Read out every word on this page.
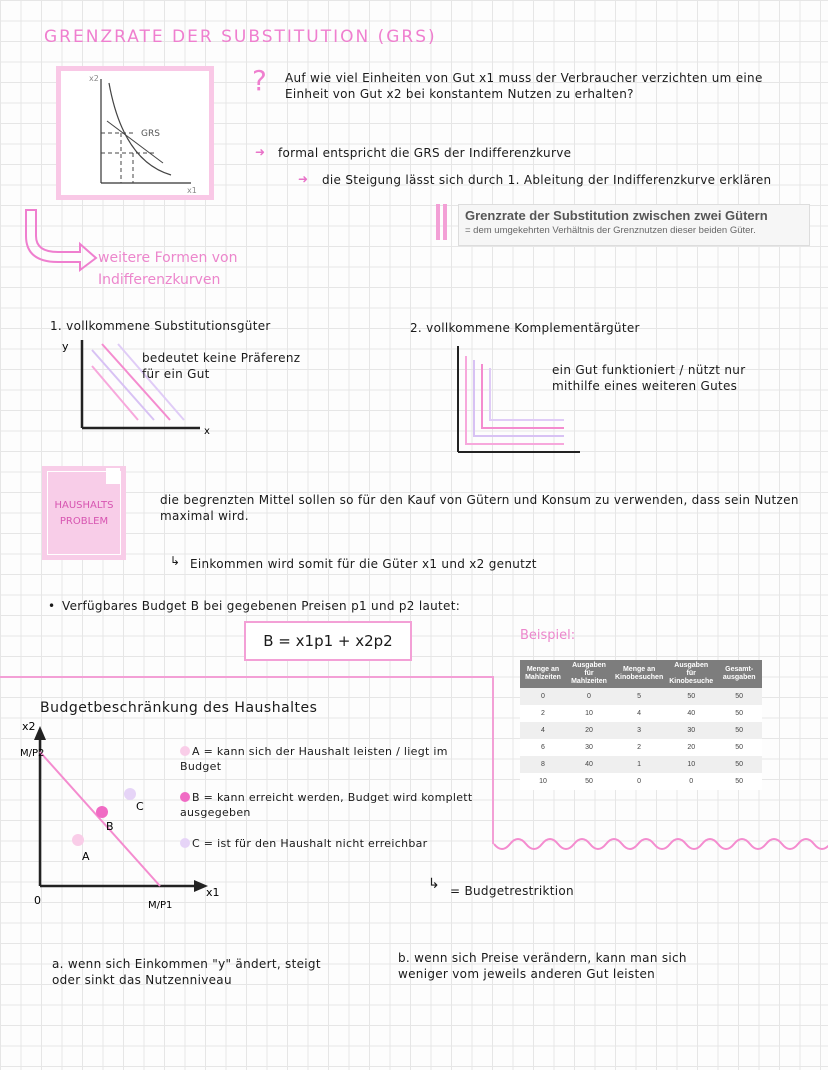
GRENZRATE DER SUBSTITUTION (GRS)
x2
x1
GRS
? Auf wie viel Einheiten von Gut x1 muss der Verbraucher verzichten um eine Einheit von Gut x2 bei konstantem Nutzen zu erhalten?
➜ formal entspricht die GRS der Indifferenzkurve
➜ die Steigung lässt sich durch 1. Ableitung der Indifferenzkurve erklären
Grenzrate der Substitution zwischen zwei Gütern
= dem umgekehrten Verhältnis der Grenznutzen dieser beiden Güter.
weitere Formen von Indifferenzkurven
1. vollkommene Substitutionsgüter
y
x
bedeutet keine Präferenz für ein Gut
2. vollkommene Komplementärgüter
ein Gut funktioniert / nützt nur mithilfe eines weiteren Gutes
HAUSHALTS
PROBLEM
die begrenzten Mittel sollen so für den Kauf von Gütern und Konsum zu verwenden, dass sein Nutzen maximal wird.
↳ Einkommen wird somit für die Güter x1 und x2 genutzt
• Verfügbares Budget B bei gegebenen Preisen p1 und p2 lautet:
B = x1p1 + x2p2	Beispiel:
Menge an Mahlzeiten	Ausgaben für Mahlzeiten	Menge an Kinobesuchen	Ausgaben für Kinobesuche	Gesamt-ausgaben
0	0	5	50	50
2	10	4	40	50
4	20	3	30	50
6	30	2	20	50
8	40	1	10	50
10	50	0	0	50
Budgetbeschränkung des Haushaltes
x2
M/P2
x1
M/P1
0
A
B
C
A = kann sich der Haushalt leisten / liegt im Budget
B = kann erreicht werden, Budget wird komplett ausgegeben
C = ist für den Haushalt nicht erreichbar
↳ = Budgetrestriktion
a. wenn sich Einkommen "y" ändert, steigt oder sinkt das Nutzenniveau
b. wenn sich Preise verändern, kann man sich weniger vom jeweils anderen Gut leisten
